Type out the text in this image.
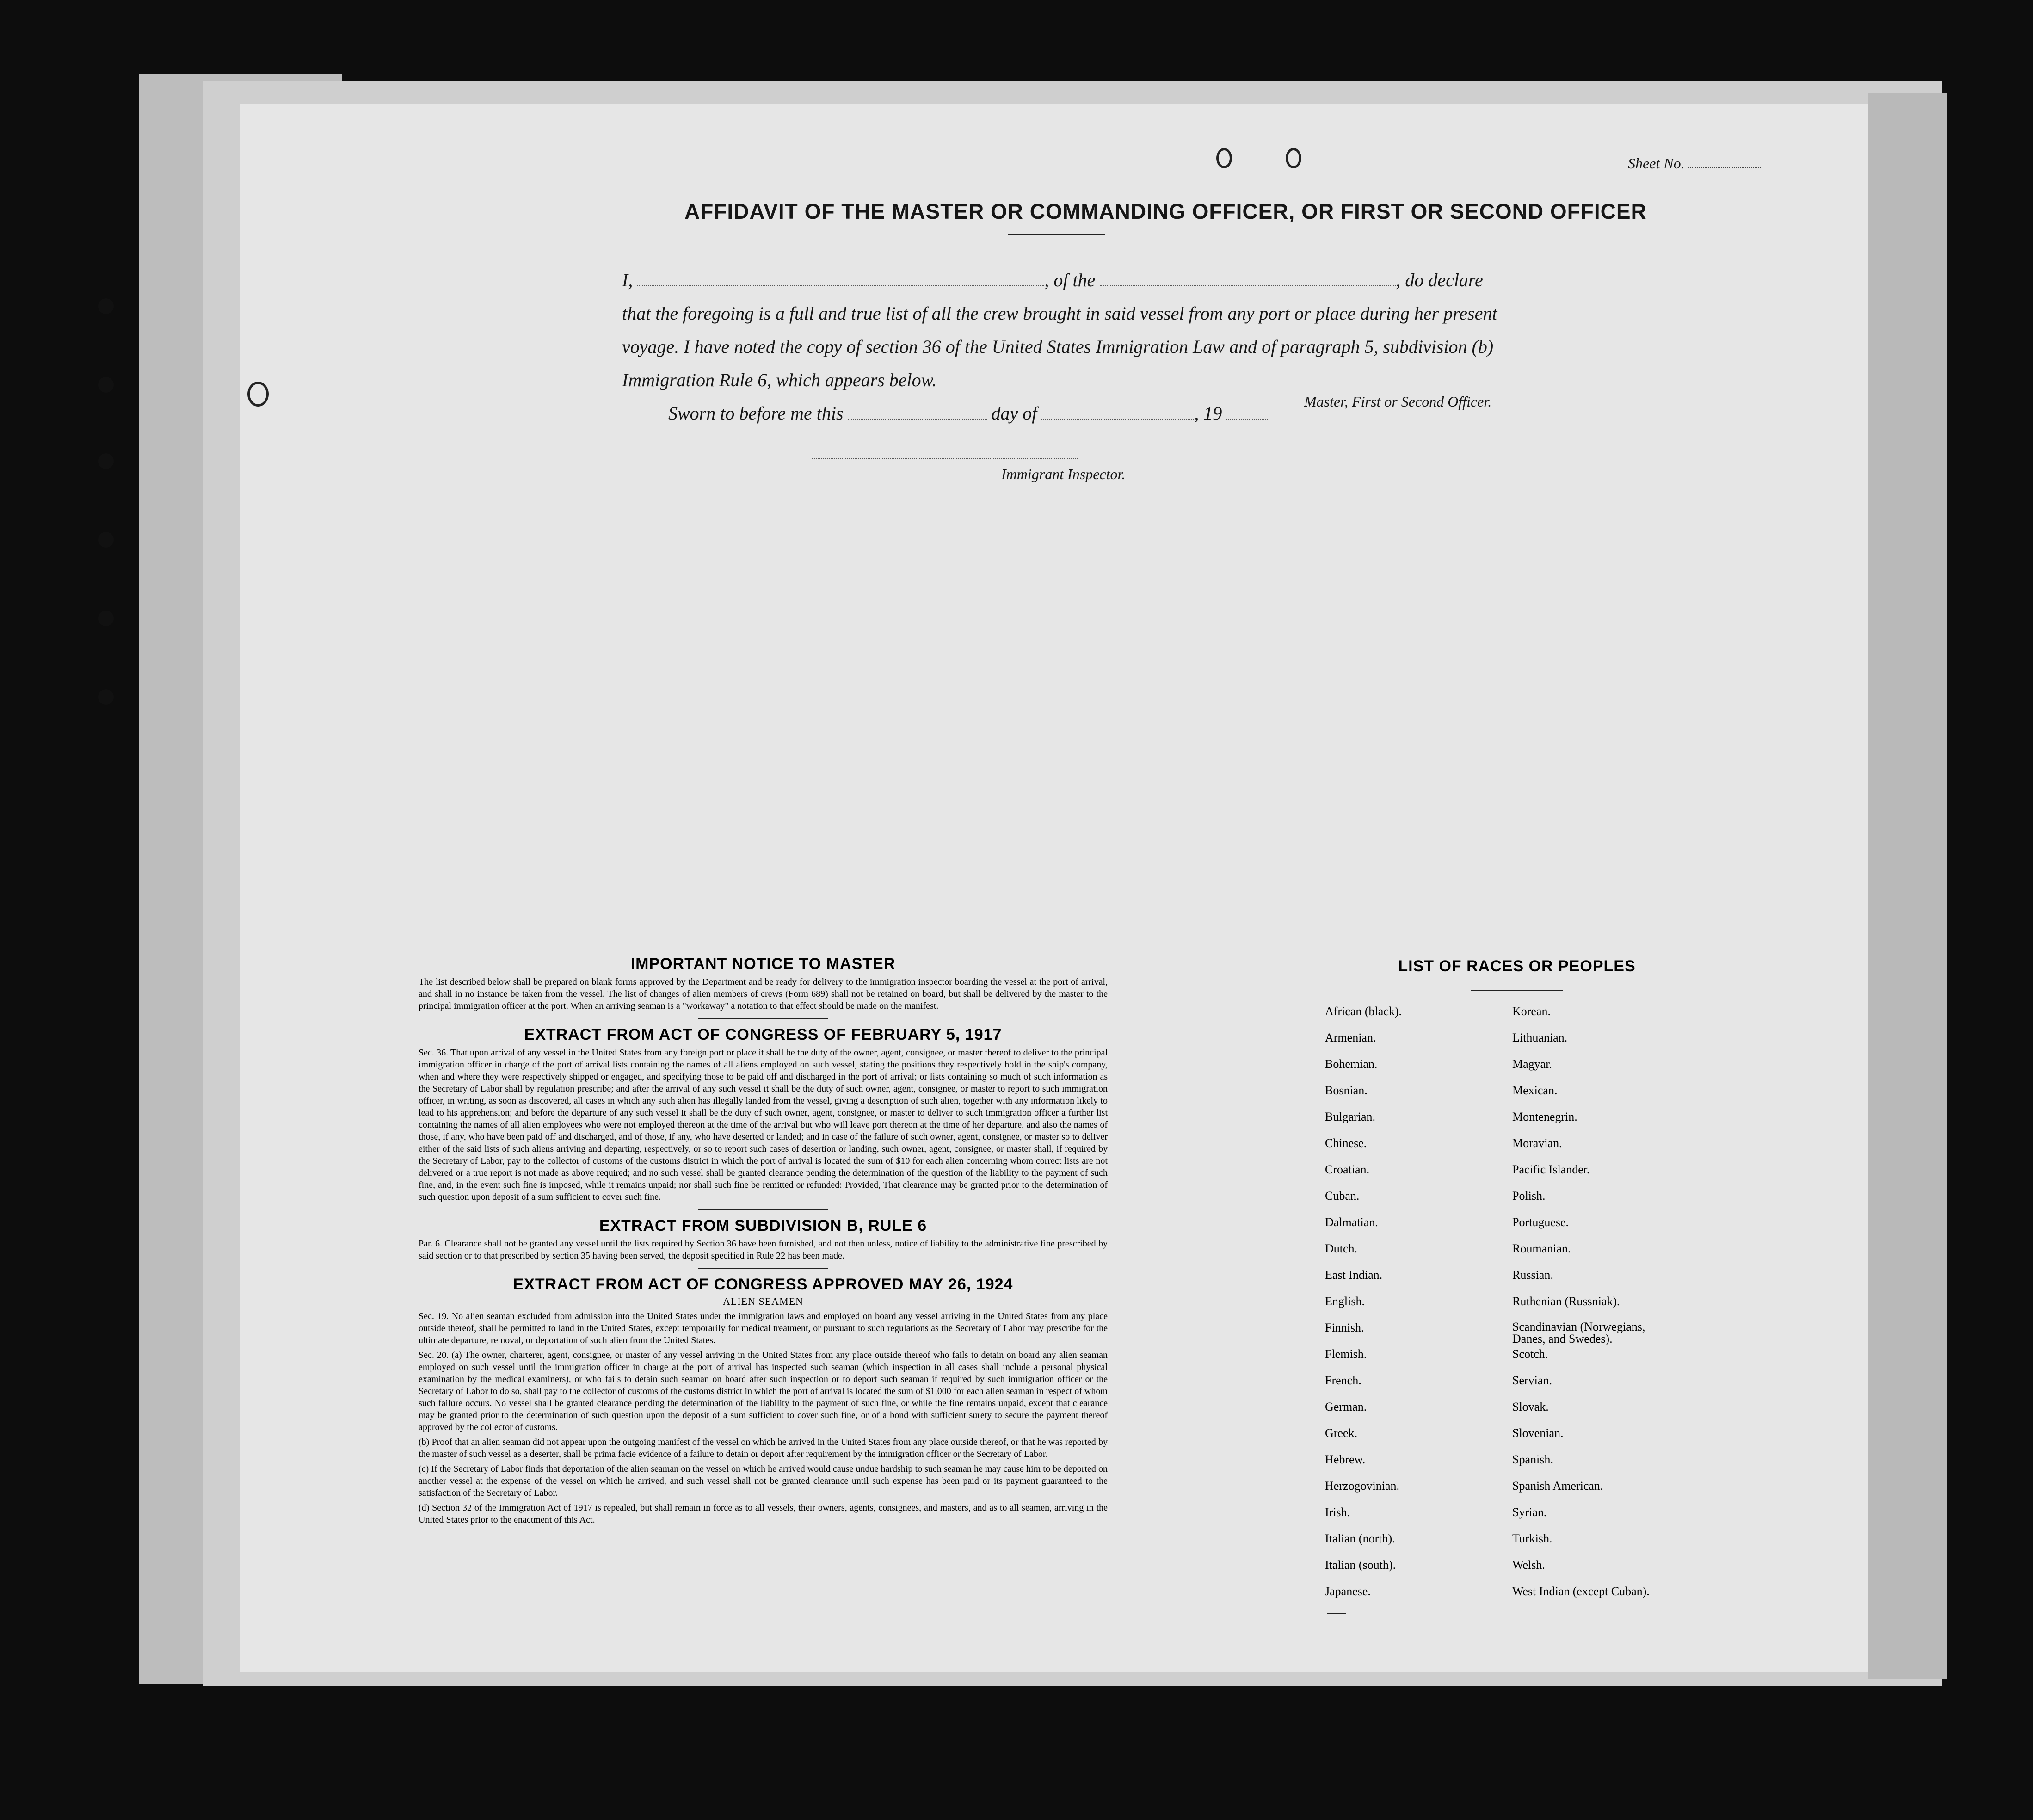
Sheet No.
AFFIDAVIT OF THE MASTER OR COMMANDING OFFICER, OR FIRST OR SECOND OFFICER
I,	, of the	, do declare
that the foregoing is a full and true list of all the crew brought in said vessel from any port or place during her present
voyage. I have noted the copy of section 36 of the United States Immigration Law and of paragraph 5, subdivision (b)
Immigration Rule 6, which appears below.
Master, First or Second Officer.
Sworn to before me this	day of	, 19
Immigrant Inspector.
IMPORTANT NOTICE TO MASTER

The list described below shall be prepared on blank forms approved by the Department and be ready for delivery to the immigration inspector boarding the vessel at the port of arrival, and shall in no instance be taken from the vessel. The list of changes of alien members of crews (Form 689) shall not be retained on board, but shall be delivered by the master to the principal immigration officer at the port. When an arriving seaman is a "workaway" a notation to that effect should be made on the manifest.

EXTRACT FROM ACT OF CONGRESS OF FEBRUARY 5, 1917

Sec. 36. That upon arrival of any vessel in the United States from any foreign port or place it shall be the duty of the owner, agent, consignee, or master thereof to deliver to the principal immigration officer in charge of the port of arrival lists containing the names of all aliens employed on such vessel, stating the positions they respectively hold in the ship's company, when and where they were respectively shipped or engaged, and specifying those to be paid off and discharged in the port of arrival; or lists containing so much of such information as the Secretary of Labor shall by regulation prescribe; and after the arrival of any such vessel it shall be the duty of such owner, agent, consignee, or master to report to such immigration officer, in writing, as soon as discovered, all cases in which any such alien has illegally landed from the vessel, giving a description of such alien, together with any information likely to lead to his apprehension; and before the departure of any such vessel it shall be the duty of such owner, agent, consignee, or master to deliver to such immigration officer a further list containing the names of all alien employees who were not employed thereon at the time of the arrival but who will leave port thereon at the time of her departure, and also the names of those, if any, who have been paid off and discharged, and of those, if any, who have deserted or landed; and in case of the failure of such owner, agent, consignee, or master so to deliver either of the said lists of such aliens arriving and departing, respectively, or so to report such cases of desertion or landing, such owner, agent, consignee, or master shall, if required by the Secretary of Labor, pay to the collector of customs of the customs district in which the port of arrival is located the sum of $10 for each alien concerning whom correct lists are not delivered or a true report is not made as above required; and no such vessel shall be granted clearance pending the determination of the question of the liability to the payment of such fine, and, in the event such fine is imposed, while it remains unpaid; nor shall such fine be remitted or refunded: Provided, That clearance may be granted prior to the determination of such question upon deposit of a sum sufficient to cover such fine.

EXTRACT FROM SUBDIVISION B, RULE 6

Par. 6. Clearance shall not be granted any vessel until the lists required by Section 36 have been furnished, and not then unless, notice of liability to the administrative fine prescribed by said section or to that prescribed by section 35 having been served, the deposit specified in Rule 22 has been made.

EXTRACT FROM ACT OF CONGRESS APPROVED MAY 26, 1924
ALIEN SEAMEN

Sec. 19. No alien seaman excluded from admission into the United States under the immigration laws and employed on board any vessel arriving in the United States from any place outside thereof, shall be permitted to land in the United States, except temporarily for medical treatment, or pursuant to such regulations as the Secretary of Labor may prescribe for the ultimate departure, removal, or deportation of such alien from the United States.

Sec. 20. (a) The owner, charterer, agent, consignee, or master of any vessel arriving in the United States from any place outside thereof who fails to detain on board any alien seaman employed on such vessel until the immigration officer in charge at the port of arrival has inspected such seaman (which inspection in all cases shall include a personal physical examination by the medical examiners), or who fails to detain such seaman on board after such inspection or to deport such seaman if required by such immigration officer or the Secretary of Labor to do so, shall pay to the collector of customs of the customs district in which the port of arrival is located the sum of $1,000 for each alien seaman in respect of whom such failure occurs. No vessel shall be granted clearance pending the determination of the liability to the payment of such fine, or while the fine remains unpaid, except that clearance may be granted prior to the determination of such question upon the deposit of a sum sufficient to cover such fine, or of a bond with sufficient surety to secure the payment thereof approved by the collector of customs.

(b) Proof that an alien seaman did not appear upon the outgoing manifest of the vessel on which he arrived in the United States from any place outside thereof, or that he was reported by the master of such vessel as a deserter, shall be prima facie evidence of a failure to detain or deport after requirement by the immigration officer or the Secretary of Labor.

(c) If the Secretary of Labor finds that deportation of the alien seaman on the vessel on which he arrived would cause undue hardship to such seaman he may cause him to be deported on another vessel at the expense of the vessel on which he arrived, and such vessel shall not be granted clearance until such expense has been paid or its payment guaranteed to the satisfaction of the Secretary of Labor.

(d) Section 32 of the Immigration Act of 1917 is repealed, but shall remain in force as to all vessels, their owners, agents, consignees, and masters, and as to all seamen, arriving in the United States prior to the enactment of this Act.

LIST OF RACES OR PEOPLES
African (black).
Armenian.
Bohemian.
Bosnian.
Bulgarian.
Chinese.
Croatian.
Cuban.
Dalmatian.
Dutch.
East Indian.
English.
Finnish.
Flemish.
French.
German.
Greek.
Hebrew.
Herzogovinian.
Irish.
Italian (north).
Italian (south).
Japanese.
Korean.
Lithuanian.
Magyar.
Mexican.
Montenegrin.
Moravian.
Pacific Islander.
Polish.
Portuguese.
Roumanian.
Russian.
Ruthenian (Russniak).
Scandinavian (Norwegians, Danes, and Swedes).
Scotch.
Servian.
Slovak.
Slovenian.
Spanish.
Spanish American.
Syrian.
Turkish.
Welsh.
West Indian (except Cuban).
